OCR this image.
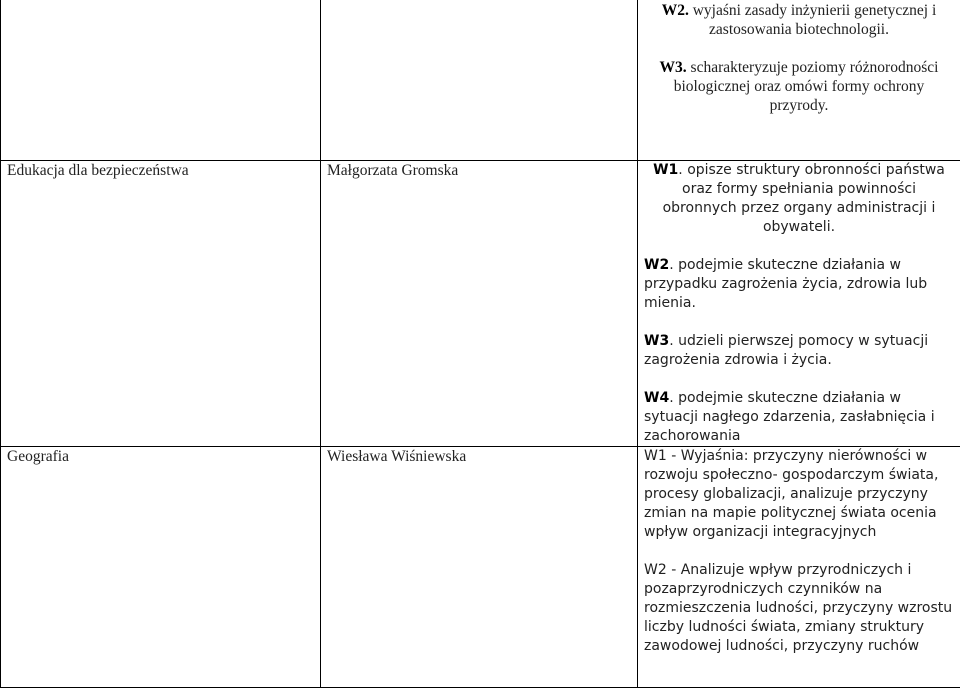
		W2. wyjaśni zasady inżynierii genetycznej i zastosowania biotechnologii.

W3. scharakteryzuje poziomy różnorodności biologicznej oraz omówi formy ochrony przyrody.

Edukacja dla bezpieczeństwa	Małgorzata Gromska	W1. opisze struktury obronności państwa oraz formy spełniania powinności obronnych przez organy administracji i obywateli.

W2. podejmie skuteczne działania w przypadku zagrożenia życia, zdrowia lub mienia.

W3. udzieli pierwszej pomocy w sytuacji zagrożenia zdrowia i życia.

W4. podejmie skuteczne działania w sytuacji nagłego zdarzenia, zasłabnięcia i zachorowania

Geografia	Wiesława Wiśniewska	W1 - Wyjaśnia: przyczyny nierówności w rozwoju społeczno- gospodarczym świata, procesy globalizacji, analizuje przyczyny zmian na mapie politycznej świata ocenia wpływ organizacji integracyjnych

W2 - Analizuje wpływ przyrodniczych i pozaprzyrodniczych czynników na rozmieszczenia ludności, przyczyny wzrostu liczby ludności świata, zmiany struktury zawodowej ludności, przyczyny ruchów
